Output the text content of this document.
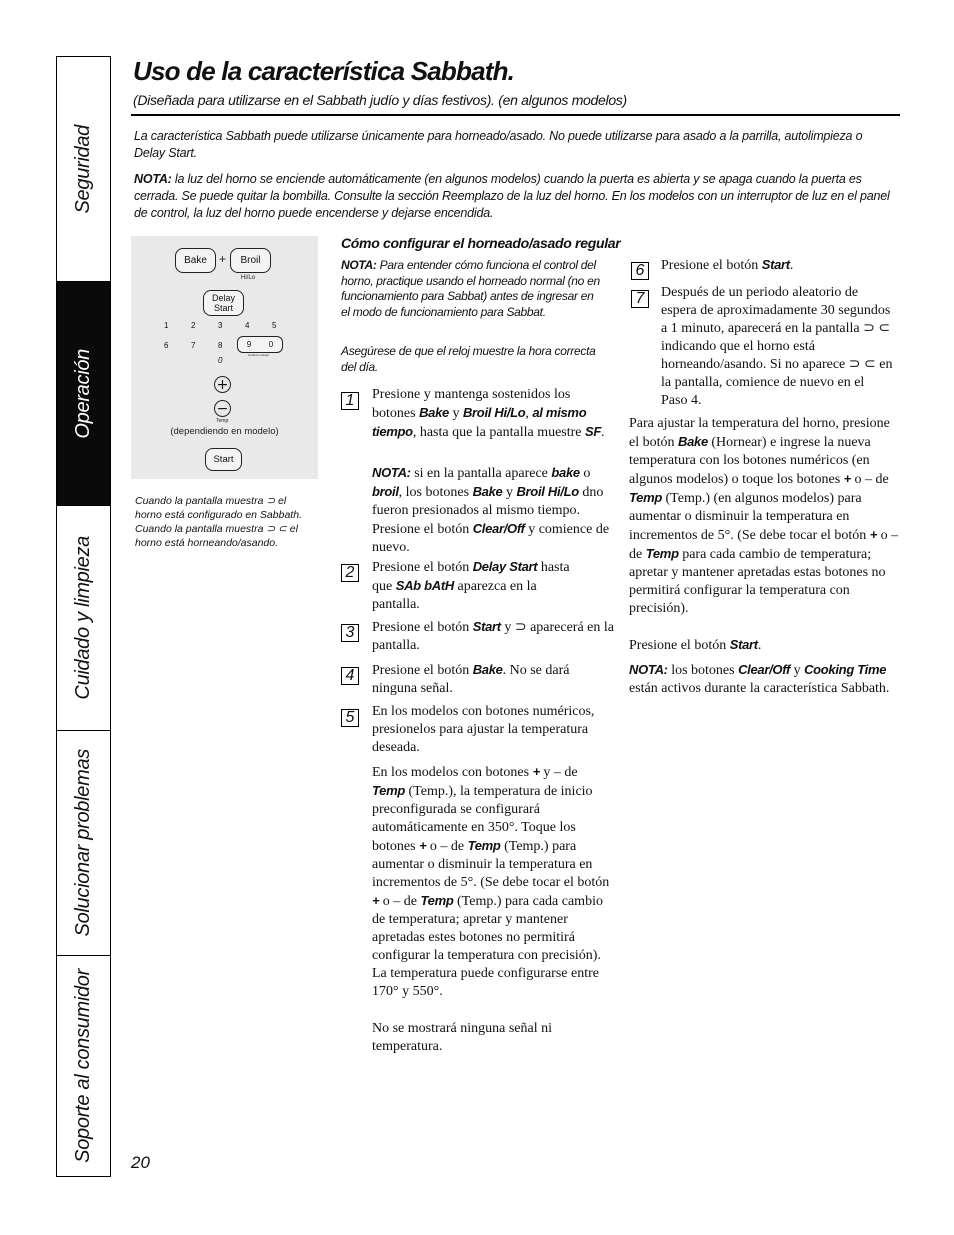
Seguridad
Operación
Cuidado y limpieza
Solucionar problemas
Soporte al consumidor
Uso de la característica Sabbath.
(Diseñada para utilizarse en el Sabbath judío y días festivos). (en algunos modelos)

La característica Sabbath puede utilizarse únicamente para horneado/asado. No puede utilizarse para asado a la parrilla, autolimpieza o Delay Start.

NOTA: la luz del horno se enciende automáticamente (en algunos modelos) cuando la puerta es abierta y se apaga cuando la puerta es cerrada. Se puede quitar la bombilla. Consulte la sección Reemplazo de la luz del horno. En los modelos con un interruptor de luz en el panel de control, la luz del horno puede encenderse y dejarse encendida.

Bake	+	Broil
Hi/Lo
Delay Start
1	2	3	4	5
6	7	8	9 0
Control Lockout
0
+
−
Temp
(dependiendo en modelo)
Start

Cuando la pantalla muestra ⊃ el horno está configurado en Sabbath. Cuando la pantalla muestra ⊃ ⊂ el horno está horneando/asando.

Cómo configurar el horneado/asado regular

NOTA: Para entender cómo funciona el control del horno, practique usando el horneado normal (no en funcionamiento para Sabbat) antes de ingresar en el modo de funcionamiento para Sabbat.

Asegúrese de que el reloj muestre la hora correcta del día.

1	Presione y mantenga sostenidos los botones Bake y Broil Hi/Lo, al mismo tiempo, hasta que la pantalla muestre SF.

NOTA: si en la pantalla aparece bake o broil, los botones Bake y Broil Hi/Lo dno fueron presionados al mismo tiempo. Presione el botón Clear/Off y comience de nuevo.

2	Presione el botón Delay Start hasta que SAb bAtH aparezca en la pantalla.

3	Presione el botón Start y ⊃ aparecerá en la pantalla.

4	Presione el botón Bake. No se dará ninguna señal.

5	En los modelos con botones numéricos, presionelos para ajustar la temperatura deseada.

En los modelos con botones + y – de Temp (Temp.), la temperatura de inicio preconfigurada se configurará automáticamente en 350°. Toque los botones + o – de Temp (Temp.) para aumentar o disminuir la temperatura en incrementos de 5°. (Se debe tocar el botón + o – de Temp (Temp.) para cada cambio de temperatura; apretar y mantener apretadas estes botones no permitirá configurar la temperatura con precisión). La temperatura puede configurarse entre 170° y 550°.

No se mostrará ninguna señal ni temperatura.

6	Presione el botón Start.

7	Después de un periodo aleatorio de espera de aproximadamente 30 segundos a 1 minuto, aparecerá en la pantalla ⊃ ⊂ indicando que el horno está horneando/asando. Si no aparece ⊃ ⊂ en la pantalla, comience de nuevo en el Paso 4.

Para ajustar la temperatura del horno, presione el botón Bake (Hornear) e ingrese la nueva temperatura con los botones numéricos (en algunos modelos) o toque los botones + o – de Temp (Temp.) (en algunos modelos) para aumentar o disminuir la temperatura en incrementos de 5°. (Se debe tocar el botón + o – de Temp para cada cambio de temperatura; apretar y mantener apretadas estas botones no permitirá configurar la temperatura con precisión).

Presione el botón Start.

NOTA: los botones Clear/Off y Cooking Time están activos durante la característica Sabbath.

20
